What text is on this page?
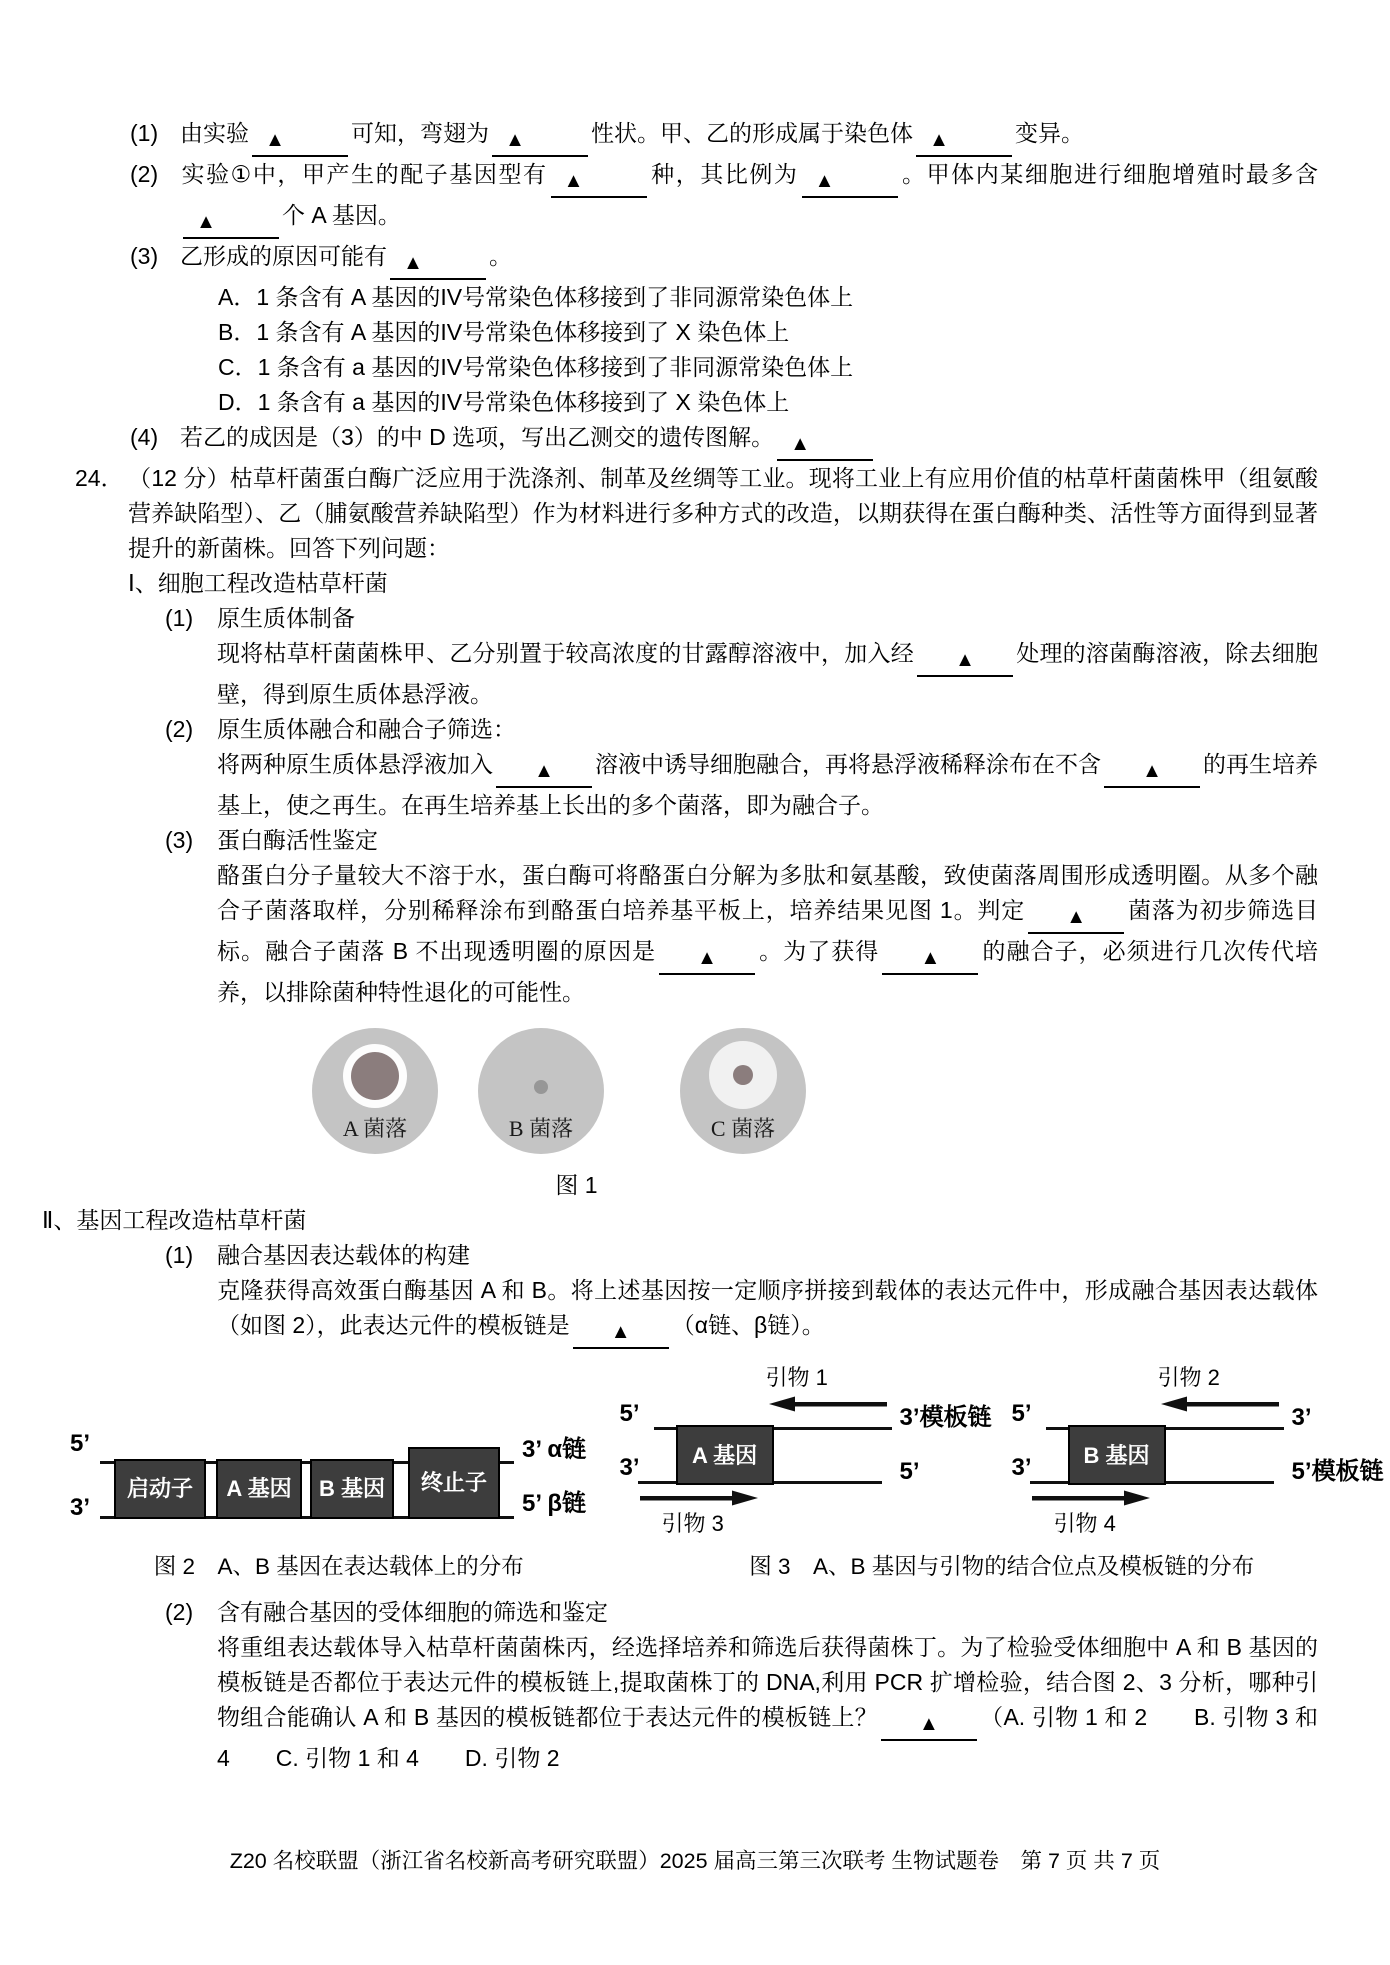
(1) 由实验 ▲	可知，弯翅为 ▲	性状。甲、乙的形成属于染色体 ▲	变异。
(2) 实验①中，甲产生的配子基因型有 ▲	种，其比例为 ▲	。甲体内某细胞进行细胞增殖时最多含▲	个 A 基因。
(3) 乙形成的原因可能有 ▲	。
A．1 条含有 A 基因的IV号常染色体移接到了非同源常染色体上
B．1 条含有 A 基因的IV号常染色体移接到了 X 染色体上
C．1 条含有 a 基因的IV号常染色体移接到了非同源常染色体上
D．1 条含有 a 基因的IV号常染色体移接到了 X 染色体上
(4) 若乙的成因是（3）的中 D 选项，写出乙测交的遗传图解。 ▲
24． （12 分）枯草杆菌蛋白酶广泛应用于洗涤剂、制革及丝绸等工业。现将工业上有应用价值的枯草杆菌菌株甲（组氨酸营养缺陷型）、乙（脯氨酸营养缺陷型）作为材料进行多种方式的改造，以期获得在蛋白酶种类、活性等方面得到显著提升的新菌株。回答下列问题：
Ⅰ、细胞工程改造枯草杆菌
(1) 原生质体制备
现将枯草杆菌菌株甲、乙分别置于较高浓度的甘露醇溶液中，加入经 ▲ 处理的溶菌酶溶液，除去细胞壁，得到原生质体悬浮液。
(2) 原生质体融合和融合子筛选：
将两种原生质体悬浮液加入 ▲ 溶液中诱导细胞融合，再将悬浮液稀释涂布在不含 ▲ 的再生培养基上，使之再生。在再生培养基上长出的多个菌落，即为融合子。
(3) 蛋白酶活性鉴定
酪蛋白分子量较大不溶于水，蛋白酶可将酪蛋白分解为多肽和氨基酸，致使菌落周围形成透明圈。从多个融合子菌落取样，分别稀释涂布到酪蛋白培养基平板上，培养结果见图 1。判定 ▲ 菌落为初步筛选目标。融合子菌落 B 不出现透明圈的原因是 ▲ 。为了获得 ▲ 的融合子，必须进行几次传代培养，以排除菌种特性退化的可能性。
A 菌落	B 菌落	C 菌落
图 1
Ⅱ、基因工程改造枯草杆菌
(1) 融合基因表达载体的构建
克隆获得高效蛋白酶基因 A 和 B。将上述基因按一定顺序拼接到载体的表达元件中，形成融合基因表达载体（如图 2），此表达元件的模板链是 ▲ （α链、β链）。
5’
3’
启动子	A 基因	B 基因	终止子
3’ α链
5’ β链
图 2　A、B 基因在表达载体上的分布
引物 1
5’	3’模板链
A 基因
3’	5’
引物 3
引物 2
5’	3’
B 基因
3’	5’模板链
引物 4
图 3　A、B 基因与引物的结合位点及模板链的分布
(2) 含有融合基因的受体细胞的筛选和鉴定
将重组表达载体导入枯草杆菌菌株丙，经选择培养和筛选后获得菌株丁。为了检验受体细胞中 A 和 B 基因的模板链是否都位于表达元件的模板链上,提取菌株丁的 DNA,利用 PCR 扩增检验，结合图 2、3 分析，哪种引物组合能确认 A 和 B 基因的模板链都位于表达元件的模板链上？ ▲ （A. 引物 1 和 2　　B. 引物 3 和 4　　C. 引物 1 和 4　　D. 引物 2
Z20 名校联盟（浙江省名校新高考研究联盟）2025 届高三第三次联考 生物试题卷　第 7 页 共 7 页
